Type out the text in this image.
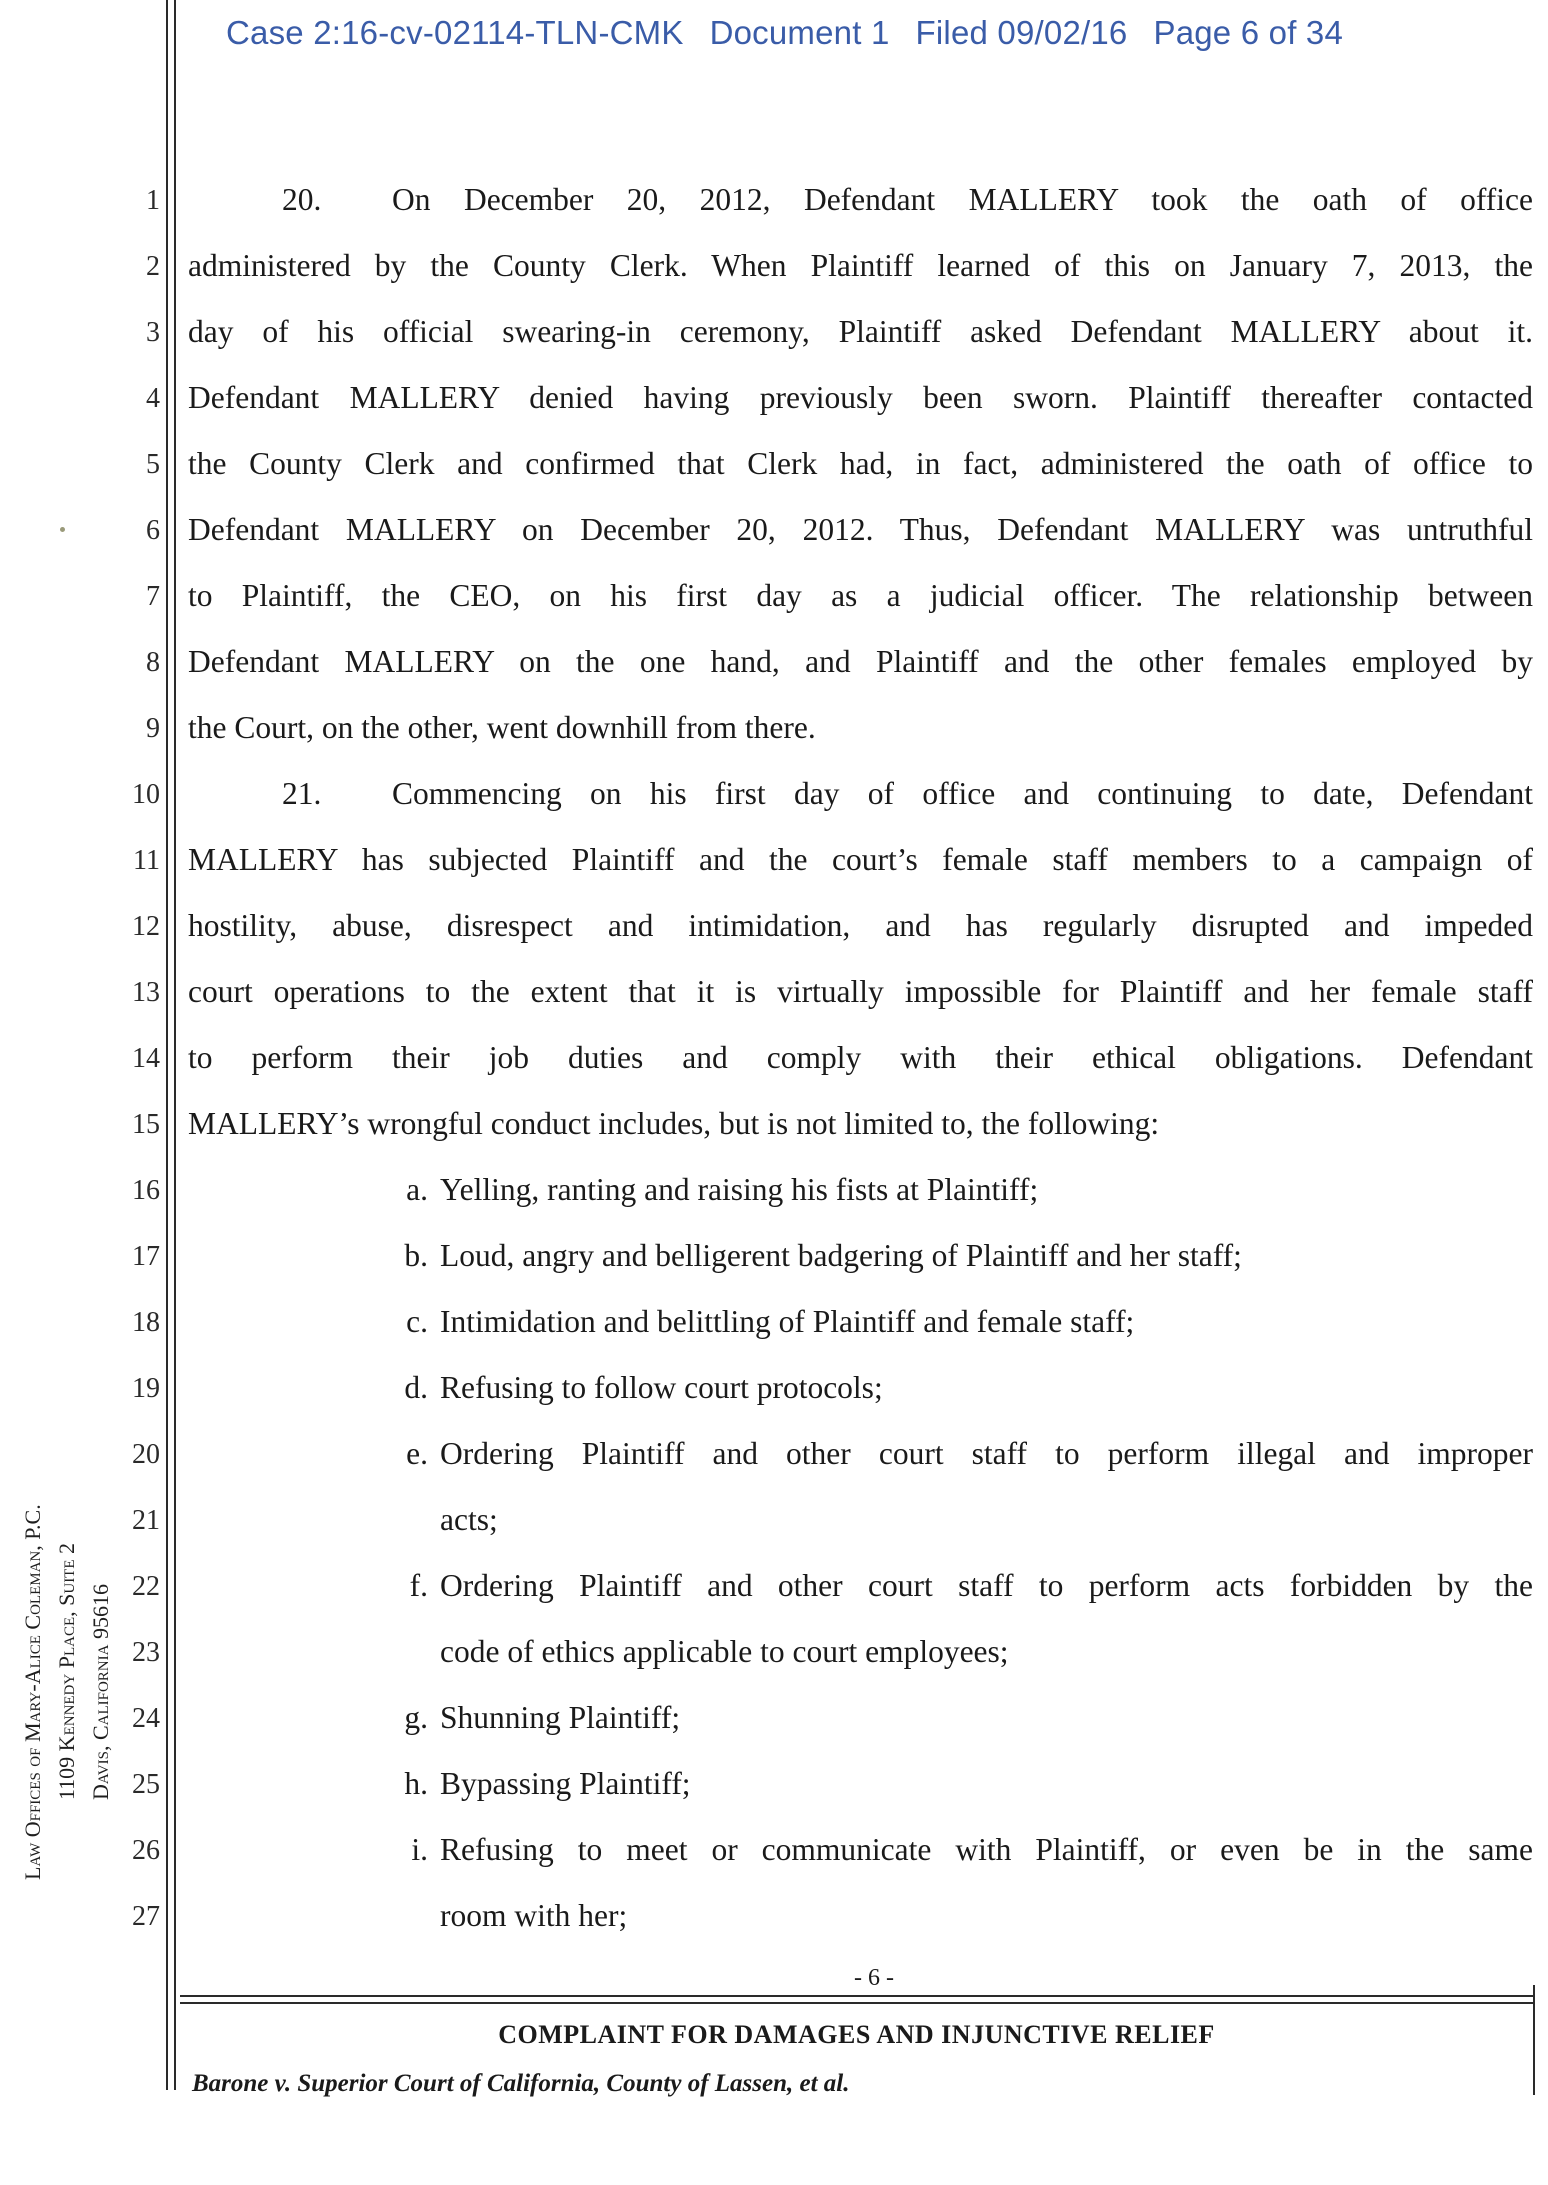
Case 2:16-cv-02114-TLN-CMK Document 1 Filed 09/02/16 Page 6 of 34
1
2
3
4
5
6
7
8
9
10
11
12
13
14
15
16
17
18
19
20
21
22
23
24
25
26
27
20. On December 20, 2012, Defendant MALLERY took the oath of office
administered by the County Clerk. When Plaintiff learned of this on January 7, 2013, the
day of his official swearing-in ceremony, Plaintiff asked Defendant MALLERY about it.
Defendant MALLERY denied having previously been sworn. Plaintiff thereafter contacted
the County Clerk and confirmed that Clerk had, in fact, administered the oath of office to
Defendant MALLERY on December 20, 2012. Thus, Defendant MALLERY was untruthful
to Plaintiff, the CEO, on his first day as a judicial officer. The relationship between
Defendant MALLERY on the one hand, and Plaintiff and the other females employed by
the Court, on the other, went downhill from there.
21. Commencing on his first day of office and continuing to date, Defendant
MALLERY has subjected Plaintiff and the court’s female staff members to a campaign of
hostility, abuse, disrespect and intimidation, and has regularly disrupted and impeded
court operations to the extent that it is virtually impossible for Plaintiff and her female staff
to perform their job duties and comply with their ethical obligations. Defendant
MALLERY’s wrongful conduct includes, but is not limited to, the following:
a. Yelling, ranting and raising his fists at Plaintiff;
b. Loud, angry and belligerent badgering of Plaintiff and her staff;
c. Intimidation and belittling of Plaintiff and female staff;
d. Refusing to follow court protocols;
e. Ordering Plaintiff and other court staff to perform illegal and improper
acts;
f. Ordering Plaintiff and other court staff to perform acts forbidden by the
code of ethics applicable to court employees;
g. Shunning Plaintiff;
h. Bypassing Plaintiff;
i. Refusing to meet or communicate with Plaintiff, or even be in the same
room with her;
Law Offices of Mary-Alice Coleman, P.C. 1109 Kennedy Place, Suite 2 Davis, California 95616
- 6 -
COMPLAINT FOR DAMAGES AND INJUNCTIVE RELIEF
Barone v. Superior Court of California, County of Lassen, et al.
